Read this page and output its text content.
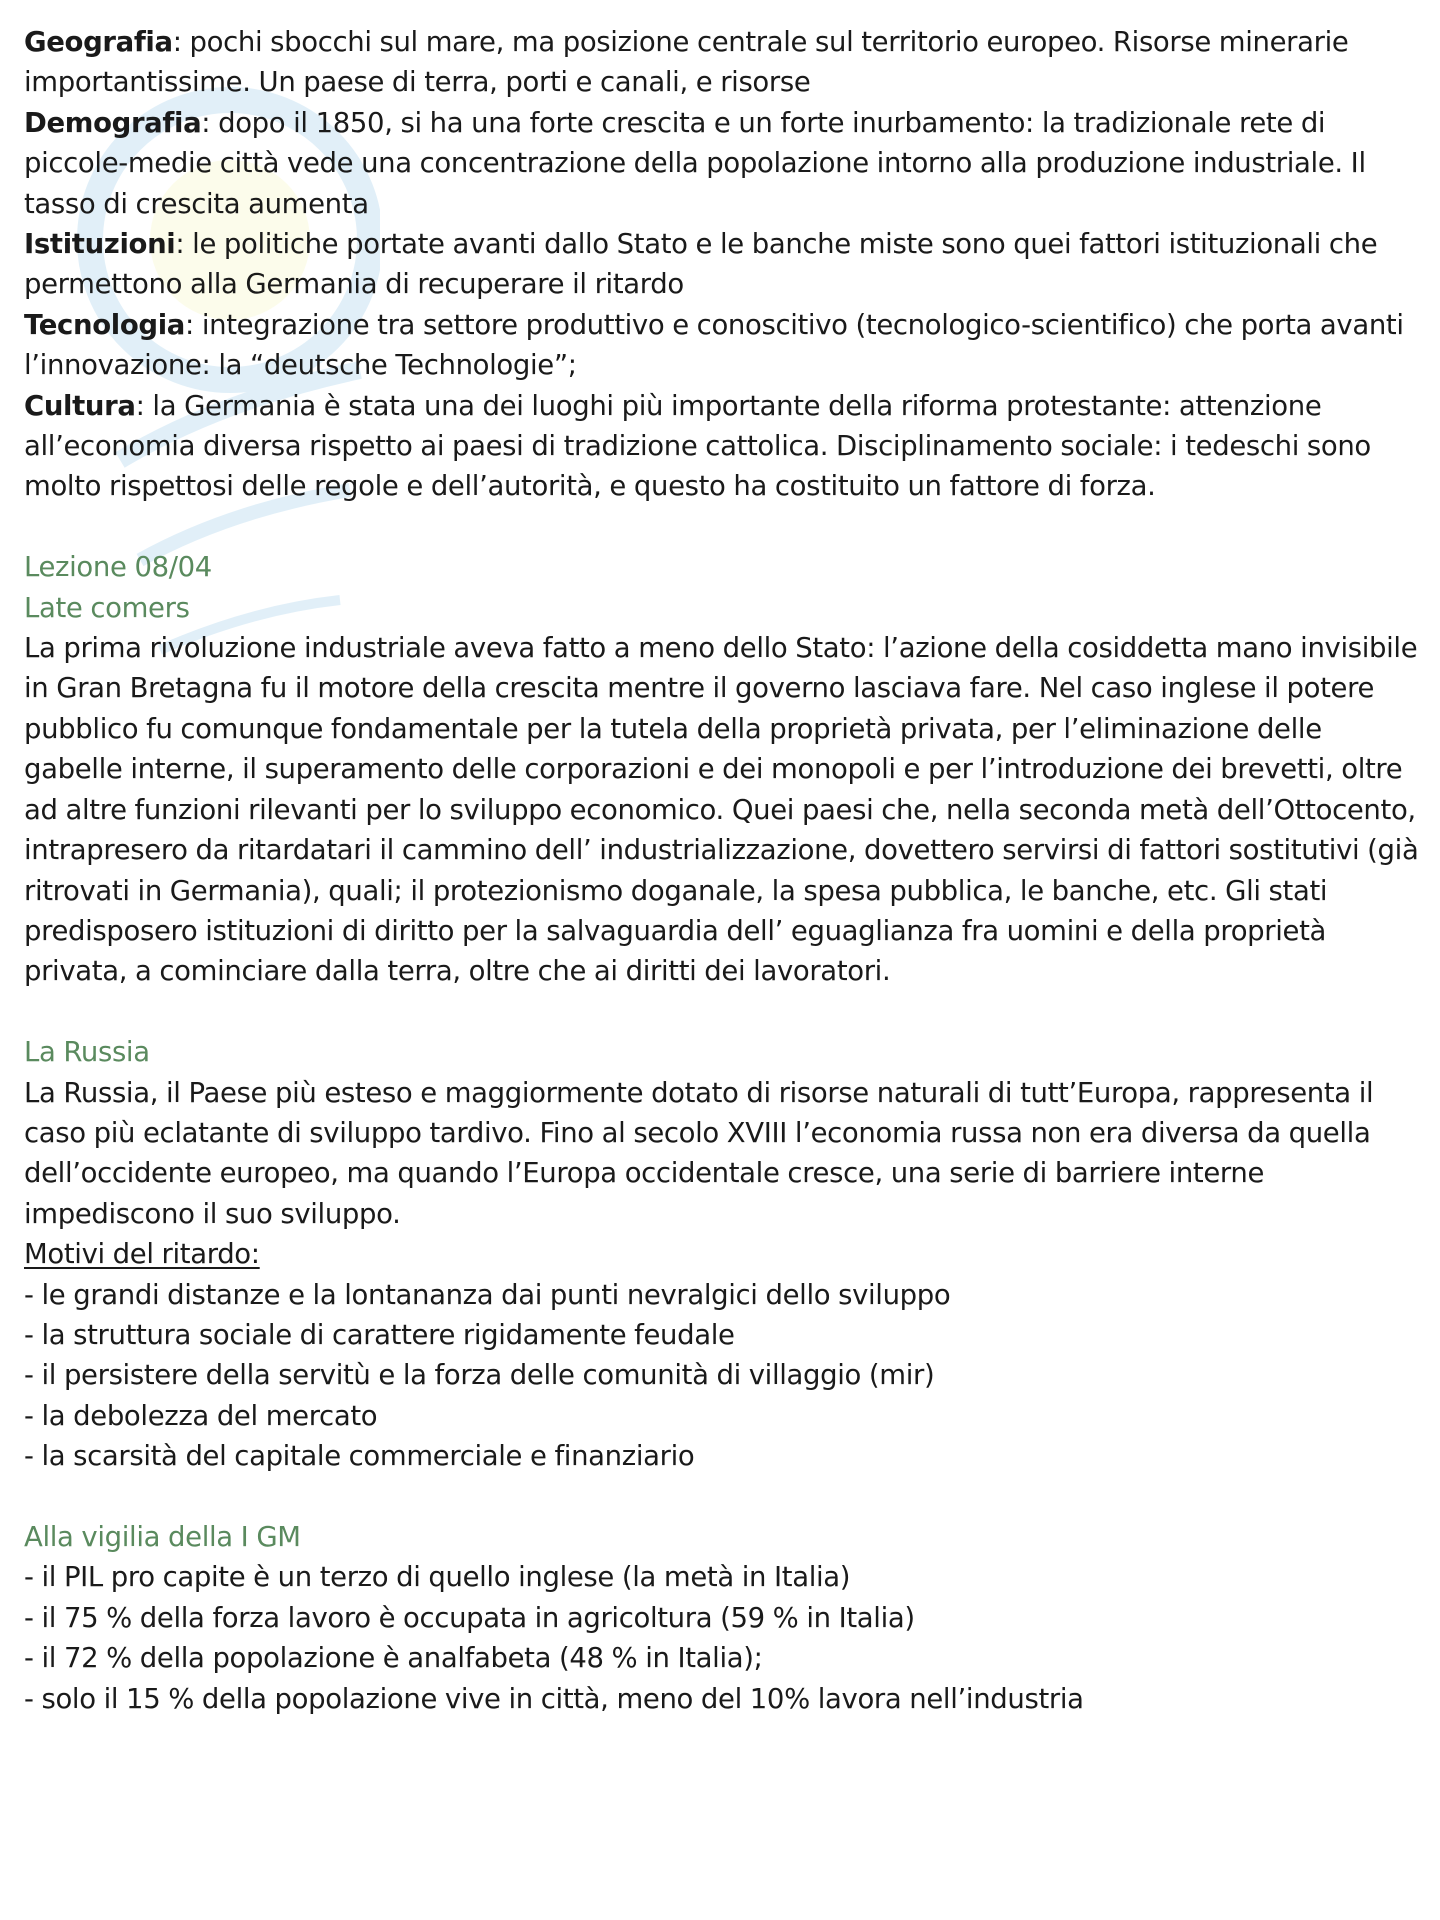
Geografia: pochi sbocchi sul mare, ma posizione centrale sul territorio europeo. Risorse minerarie importantissime. Un paese di terra, porti e canali, e risorse

Demografia: dopo il 1850, si ha una forte crescita e un forte inurbamento: la tradizionale rete di piccole-medie città vede una concentrazione della popolazione intorno alla produzione industriale. Il tasso di crescita aumenta

Istituzioni: le politiche portate avanti dallo Stato e le banche miste sono quei fattori istituzionali che permettono alla Germania di recuperare il ritardo

Tecnologia: integrazione tra settore produttivo e conoscitivo (tecnologico-scientifico) che porta avanti l’innovazione: la “deutsche Technologie”;

Cultura: la Germania è stata una dei luoghi più importante della riforma protestante: attenzione all’economia diversa rispetto ai paesi di tradizione cattolica. Disciplinamento sociale: i tedeschi sono molto rispettosi delle regole e dell’autorità, e questo ha costituito un fattore di forza.

Lezione 08/04
Late comers

La prima rivoluzione industriale aveva fatto a meno dello Stato: l’azione della cosiddetta mano invisibile in Gran Bretagna fu il motore della crescita mentre il governo lasciava fare. Nel caso inglese il potere pubblico fu comunque fondamentale per la tutela della proprietà privata, per l’eliminazione delle gabelle interne, il superamento delle corporazioni e dei monopoli e per l’introduzione dei brevetti, oltre ad altre funzioni rilevanti per lo sviluppo economico. Quei paesi che, nella seconda metà dell’Ottocento, intrapresero da ritardatari il cammino dell’ industrializzazione, dovettero servirsi di fattori sostitutivi (già ritrovati in Germania), quali; il protezionismo doganale, la spesa pubblica, le banche, etc. Gli stati predisposero istituzioni di diritto per la salvaguardia dell’ eguaglianza fra uomini e della proprietà privata, a cominciare dalla terra, oltre che ai diritti dei lavoratori.

La Russia

La Russia, il Paese più esteso e maggiormente dotato di risorse naturali di tutt’Europa, rappresenta il caso più eclatante di sviluppo tardivo. Fino al secolo XVIII l’economia russa non era diversa da quella dell’occidente europeo, ma quando l’Europa occidentale cresce, una serie di barriere interne impediscono il suo sviluppo.

Motivi del ritardo:

- le grandi distanze e la lontananza dai punti nevralgici dello sviluppo
- la struttura sociale di carattere rigidamente feudale
- il persistere della servitù e la forza delle comunità di villaggio (mir)
- la debolezza del mercato
- la scarsità del capitale commerciale e finanziario
Alla vigilia della I GM
- il PIL pro capite è un terzo di quello inglese (la metà in Italia)
- il 75 % della forza lavoro è occupata in agricoltura (59 % in Italia)
- il 72 % della popolazione è analfabeta (48 % in Italia);
- solo il 15 % della popolazione vive in città, meno del 10% lavora nell’industria
